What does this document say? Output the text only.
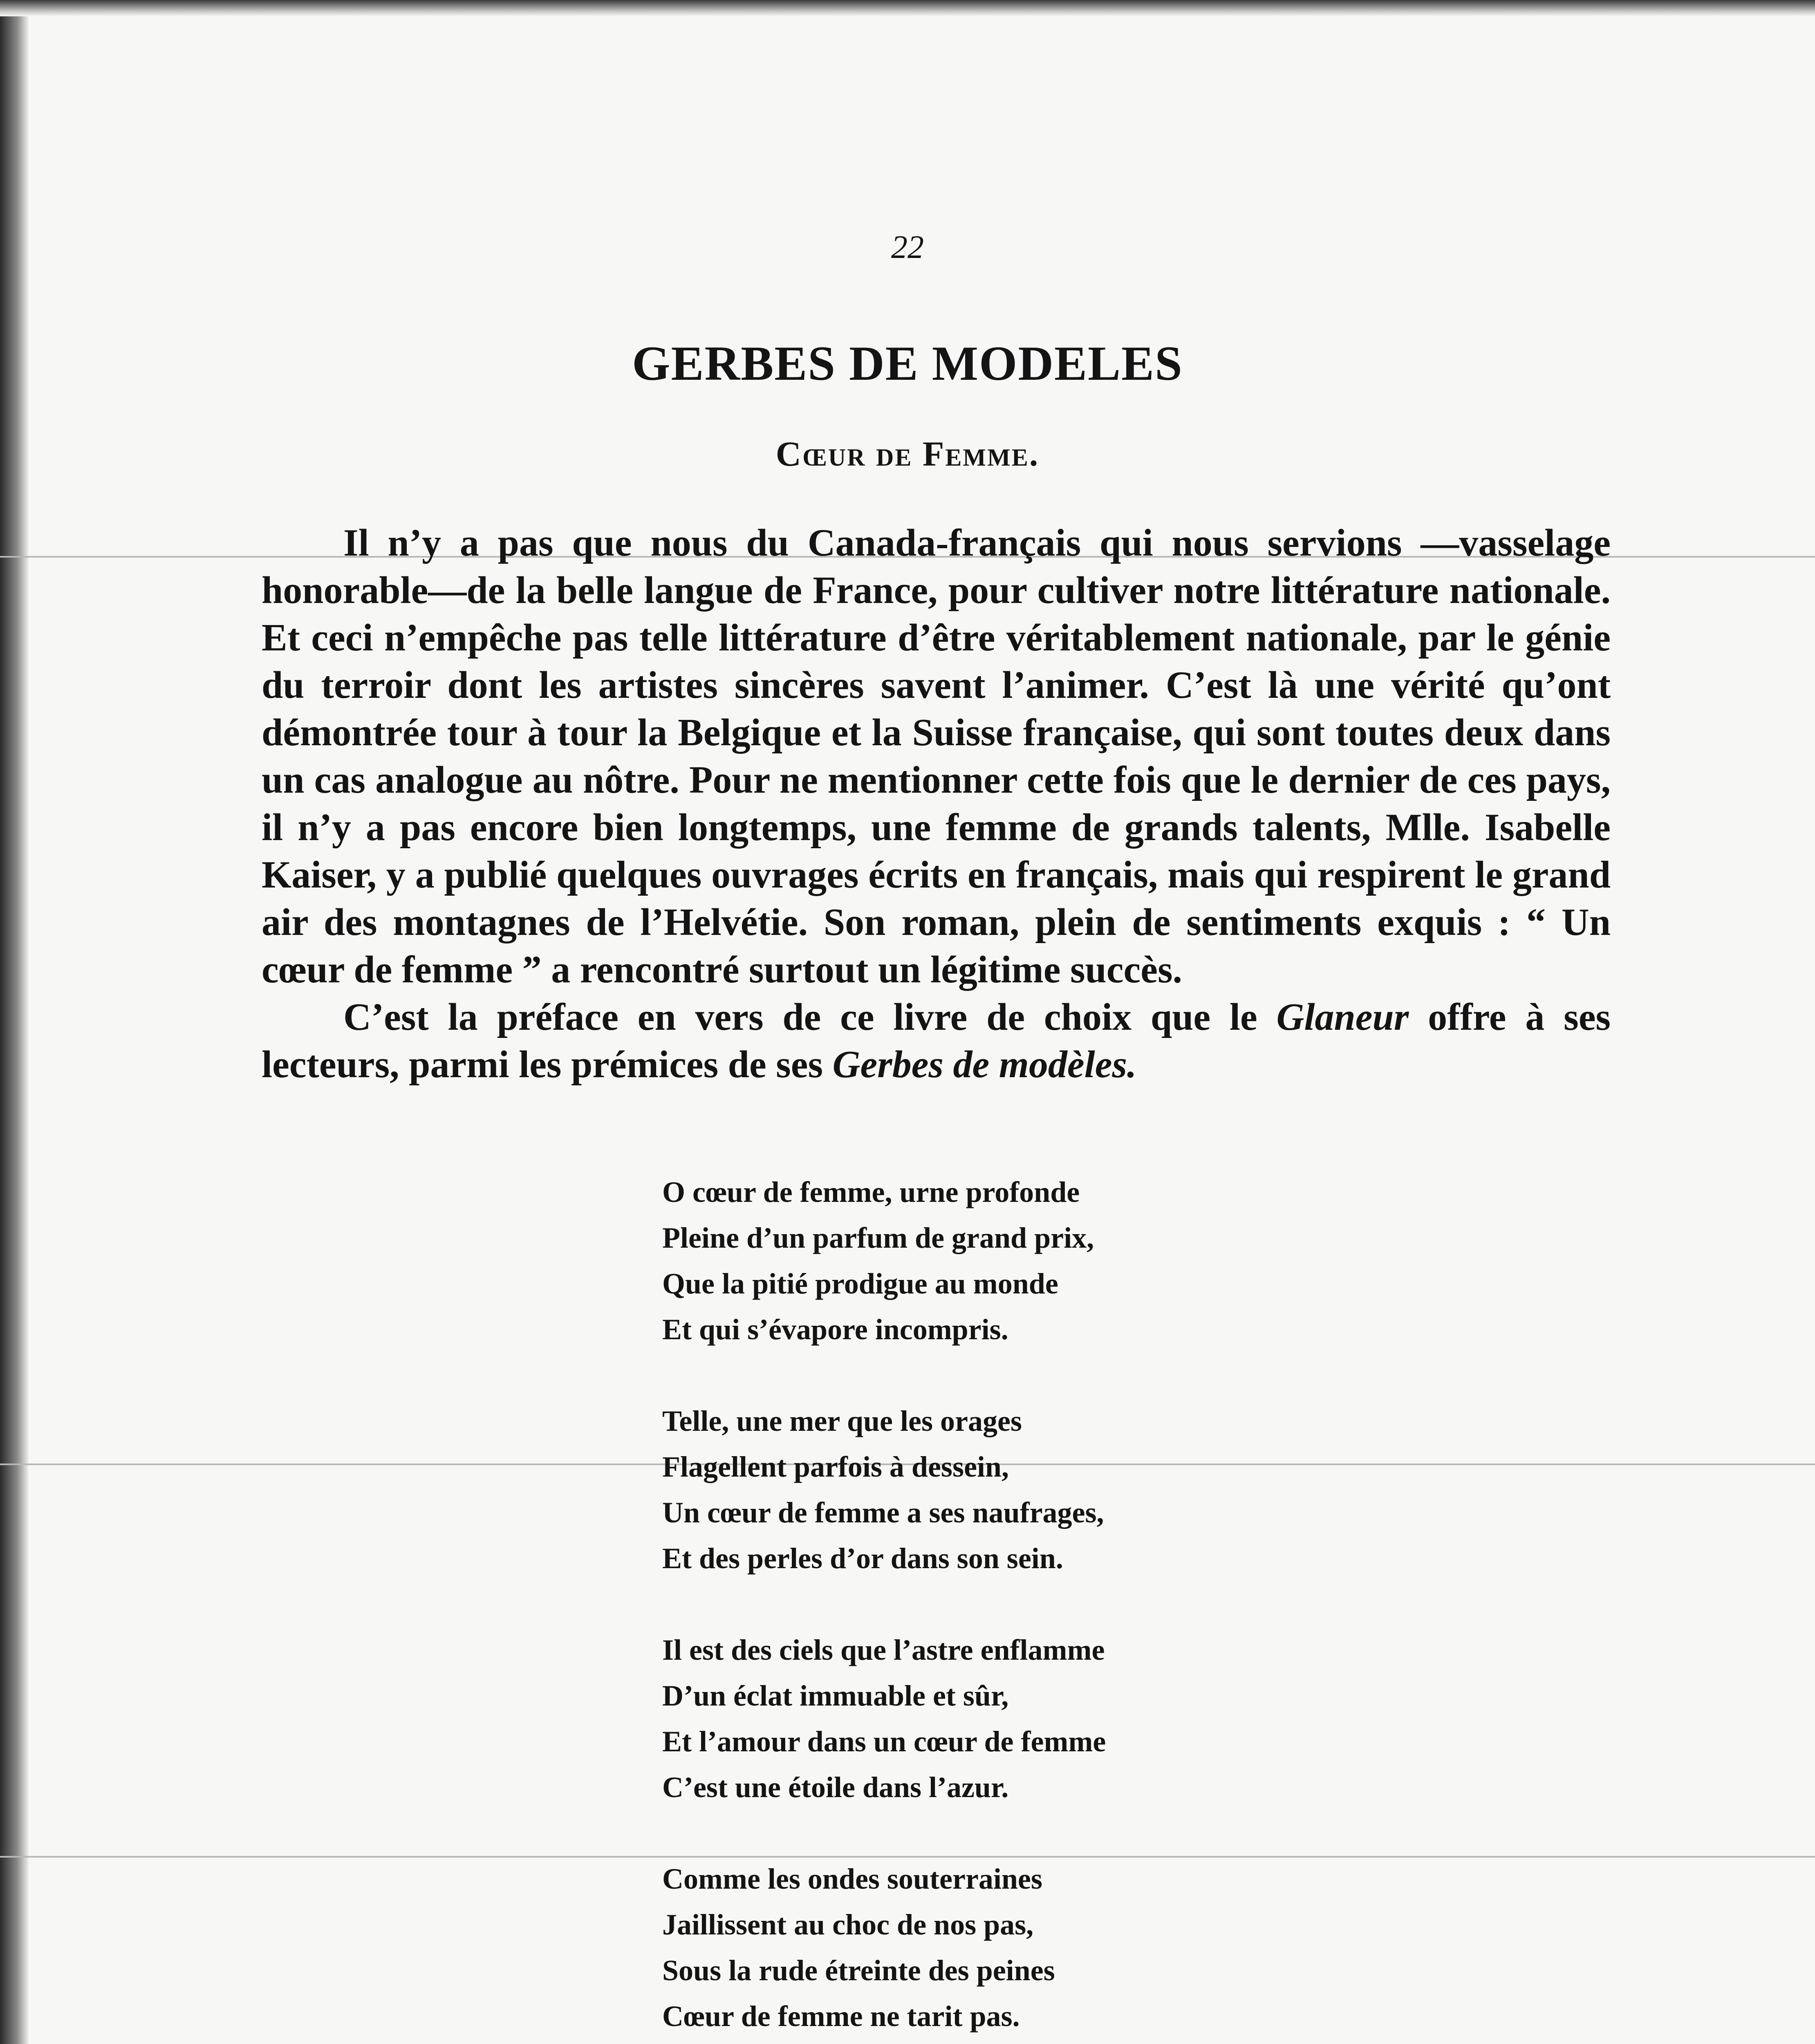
22
GERBES DE MODELES
Cœur de Femme.

Il n’y a pas que nous du Canada-français qui nous servions —vasselage honorable—de la belle langue de France, pour cultiver notre littérature nationale. Et ceci n’empêche pas telle littérature d’être véritablement nationale, par le génie du terroir dont les artistes sincères savent l’animer. C’est là une vérité qu’ont démontrée tour à tour la Belgique et la Suisse française, qui sont toutes deux dans un cas analogue au nôtre. Pour ne mentionner cette fois que le dernier de ces pays, il n’y a pas encore bien longtemps, une femme de grands talents, Mlle. Isabelle Kaiser, y a publié quelques ouvrages écrits en français, mais qui respirent le grand air des montagnes de l’Helvétie. Son roman, plein de sentiments exquis : “ Un cœur de femme ” a rencontré surtout un légitime succès.

C’est la préface en vers de ce livre de choix que le Glaneur offre à ses lecteurs, parmi les prémices de ses Gerbes de modèles.

O cœur de femme, urne profonde
Pleine d’un parfum de grand prix,
Que la pitié prodigue au monde
Et qui s’évapore incompris.
Telle, une mer que les orages
Flagellent parfois à dessein,
Un cœur de femme a ses naufrages,
Et des perles d’or dans son sein.
Il est des ciels que l’astre enflamme
D’un éclat immuable et sûr,
Et l’amour dans un cœur de femme
C’est une étoile dans l’azur.
Comme les ondes souterraines
Jaillissent au choc de nos pas,
Sous la rude étreinte des peines
Cœur de femme ne tarit pas.
